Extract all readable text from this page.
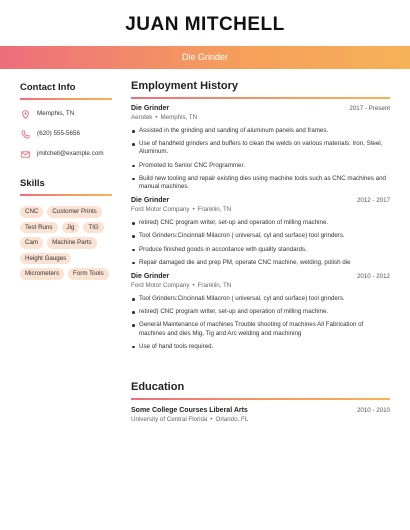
JUAN MITCHELL
Die Grinder
Contact Info
Memphis, TN
(620) 555-5656
jmitchell@example.com
Skills
CNC	Customer Prints
Test Runs	Jig	TIG
Cam	Machine Parts
Height Gauges
Micrometers	Form Tools
Employment History
Die Grinder	2017 - Present
Aerotek • Memphis, TN
Assisted in the grinding and sanding of aluminum panels and frames.
Use of handheld grinders and buffers to clean the welds on various materials: Iron, Steel, Aluminum.
Promoted to Senior CNC Programmer.
Build new tooling and repair existing dies using machine tools such as CNC machines and manual machines.
Die Grinder	2012 - 2017
Ford Motor Company • Franklin, TN
retired) CNC program writer, set-up and operation of milling machine.
Tool Grinders:Cincinnati Milacron ( universal, cyl and surface) tool grinders.
Produce finished goods in accordance with quality standards.
Repair damaged die and prep PM, operate CNC machine, welding, polish die
Die Grinder	2010 - 2012
Ford Motor Company • Franklin, TN
Tool Grinders:Cincinnati Milacron ( universal, cyl and surface) tool grinders.
retired) CNC program writer, set-up and operation of milling machine.
General Maintenance of machines Trouble shooting of machines All Fabrication of machines and dies Mig, Tig and Arc welding and machining
Use of hand tools required.
Education
Some College Courses Liberal Arts	2010 - 2010
University of Central Florida • Orlando, FL
